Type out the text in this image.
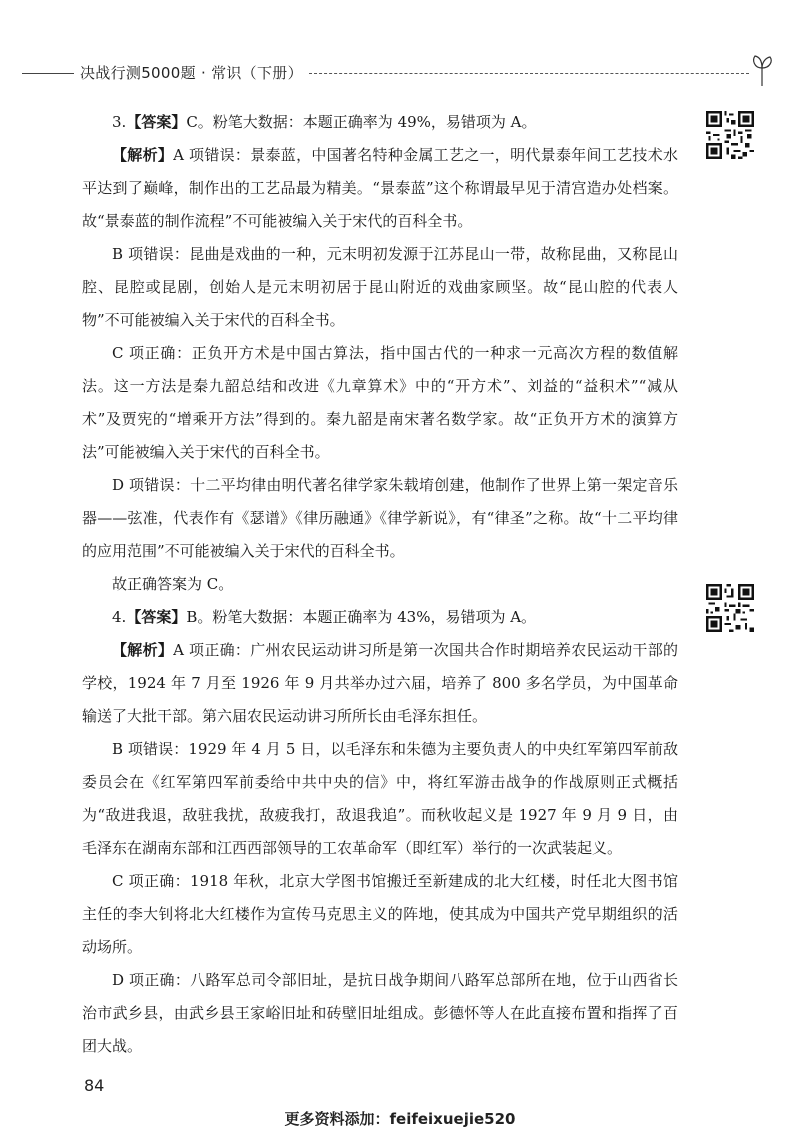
决战行测5000题 · 常识（下册）

3.【答案】C。粉笔大数据：本题正确率为 49%，易错项为 A。

【解析】A 项错误：景泰蓝，中国著名特种金属工艺之一，明代景泰年间工艺技术水平达到了巅峰，制作出的工艺品最为精美。“景泰蓝”这个称谓最早见于清宫造办处档案。故“景泰蓝的制作流程”不可能被编入关于宋代的百科全书。

B 项错误：昆曲是戏曲的一种，元末明初发源于江苏昆山一带，故称昆曲，又称昆山腔、昆腔或昆剧，创始人是元末明初居于昆山附近的戏曲家顾坚。故“昆山腔的代表人物”不可能被编入关于宋代的百科全书。

C 项正确：正负开方术是中国古算法，指中国古代的一种求一元高次方程的数值解法。这一方法是秦九韶总结和改进《九章算术》中的“开方术”、刘益的“益积术”“减从术”及贾宪的“增乘开方法”得到的。秦九韶是南宋著名数学家。故“正负开方术的演算方法”可能被编入关于宋代的百科全书。

D 项错误：十二平均律由明代著名律学家朱载堉创建，他制作了世界上第一架定音乐器——弦准，代表作有《瑟谱》《律历融通》《律学新说》，有“律圣”之称。故“十二平均律的应用范围”不可能被编入关于宋代的百科全书。

故正确答案为 C。

4.【答案】B。粉笔大数据：本题正确率为 43%，易错项为 A。

【解析】A 项正确：广州农民运动讲习所是第一次国共合作时期培养农民运动干部的学校，1924 年 7 月至 1926 年 9 月共举办过六届，培养了 800 多名学员，为中国革命输送了大批干部。第六届农民运动讲习所所长由毛泽东担任。

B 项错误：1929 年 4 月 5 日，以毛泽东和朱德为主要负责人的中央红军第四军前敌委员会在《红军第四军前委给中共中央的信》中，将红军游击战争的作战原则正式概括为“敌进我退，敌驻我扰，敌疲我打，敌退我追”。而秋收起义是 1927 年 9 月 9 日，由毛泽东在湖南东部和江西西部领导的工农革命军（即红军）举行的一次武装起义。

C 项正确：1918 年秋，北京大学图书馆搬迁至新建成的北大红楼，时任北大图书馆主任的李大钊将北大红楼作为宣传马克思主义的阵地，使其成为中国共产党早期组织的活动场所。

D 项正确：八路军总司令部旧址，是抗日战争期间八路军总部所在地，位于山西省长治市武乡县，由武乡县王家峪旧址和砖壁旧址组成。彭德怀等人在此直接布置和指挥了百团大战。

84
更多资料添加：feifeixuejie520
